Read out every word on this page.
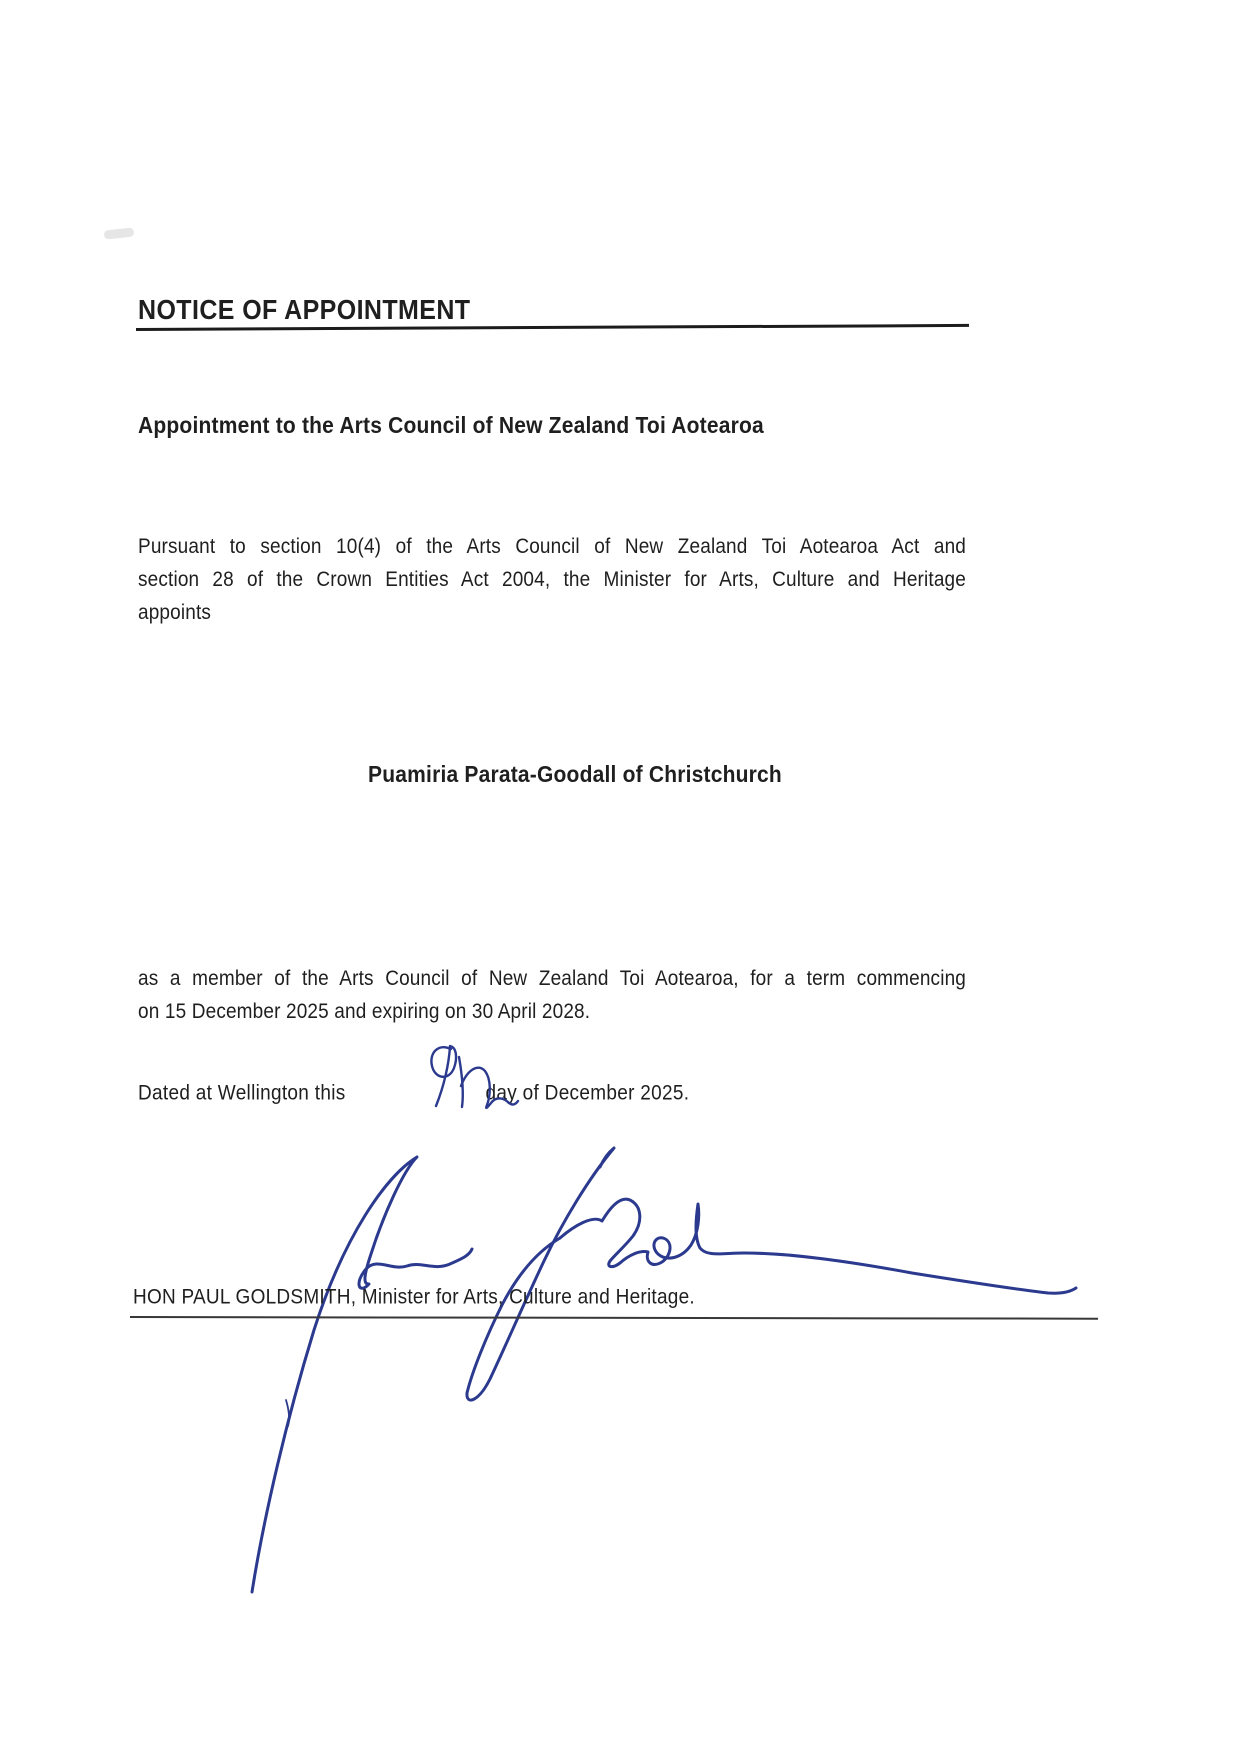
NOTICE OF APPOINTMENT
Appointment to the Arts Council of New Zealand Toi Aotearoa
Pursuant to section 10(4) of the Arts Council of New Zealand Toi Aotearoa Act and
section 28 of the Crown Entities Act 2004, the Minister for Arts, Culture and Heritage
appoints
Puamiria Parata-Goodall of Christchurch
as a member of the Arts Council of New Zealand Toi Aotearoa, for a term commencing
on 15 December 2025 and expiring on 30 April 2028.
Dated at Wellington this	day of December 2025.
HON PAUL GOLDSMITH, Minister for Arts, Culture and Heritage.
